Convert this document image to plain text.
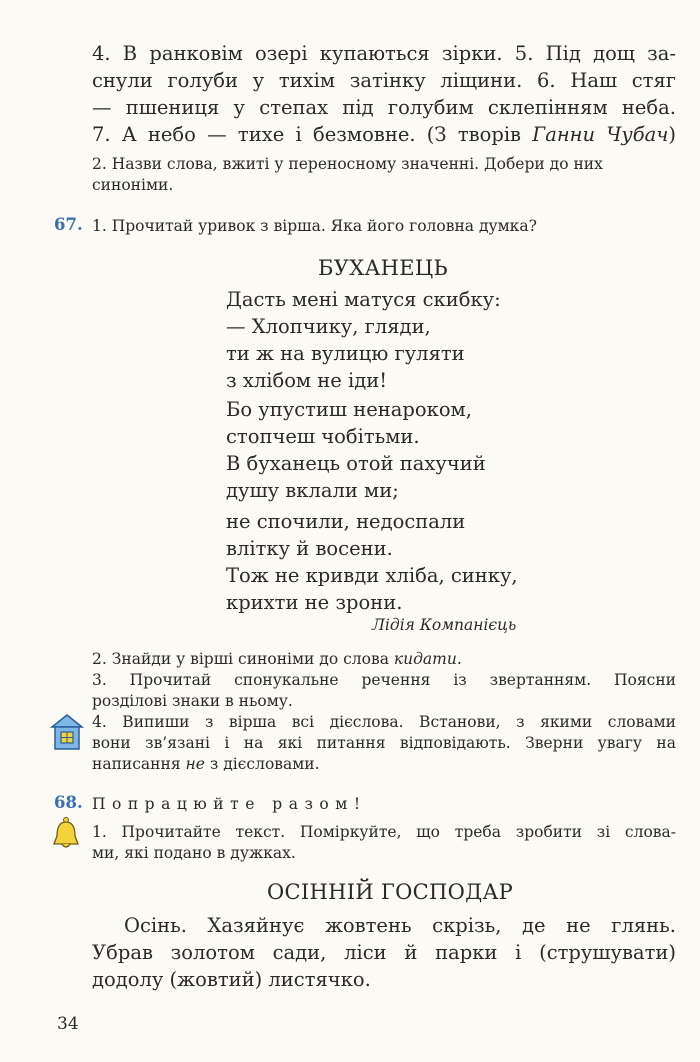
4. В ранковім озері купаються зірки. 5. Під дощ за-
снули голуби у тихім затінку ліщини. 6. Наш стяг
— пшениця у степах під голубим склепінням неба.
7. А небо — тихе і безмовне. (З творів Ганни Чубач)
2. Назви слова, вжиті у переносному значенні. Добери до них
синоніми.
67. 1. Прочитай уривок з вірша. Яка його головна думка?
БУХАНЕЦЬ
Дасть мені матуся скибку:
— Хлопчику, гляди,
ти ж на вулицю гуляти
з хлібом не іди!
Бо упустиш ненароком,
стопчеш чобітьми.
В буханець отой пахучий
душу вклали ми;
не спочили, недоспали
влітку й восени.
Тож не кривди хліба, синку,
крихти не зрони.
Лідія Компанієць
2. Знайди у вірші синоніми до слова кидати.
3. Прочитай спонукальне речення із звертанням. Поясни
розділові знаки в ньому.
4. Випиши з вірша всі дієслова. Встанови, з якими словами
вони зв’язані і на які питання відповідають. Зверни увагу на
написання не з дієсловами.
68. Попрацюйте разом!
1. Прочитайте текст. Поміркуйте, що треба зробити зі слова-
ми, які подано в дужках.
ОСІННІЙ ГОСПОДАР
Осінь. Хазяйнує жовтень скрізь, де не глянь.
Убрав золотом сади, ліси й парки і (струшувати)
додолу (жовтий) листячко.
34
